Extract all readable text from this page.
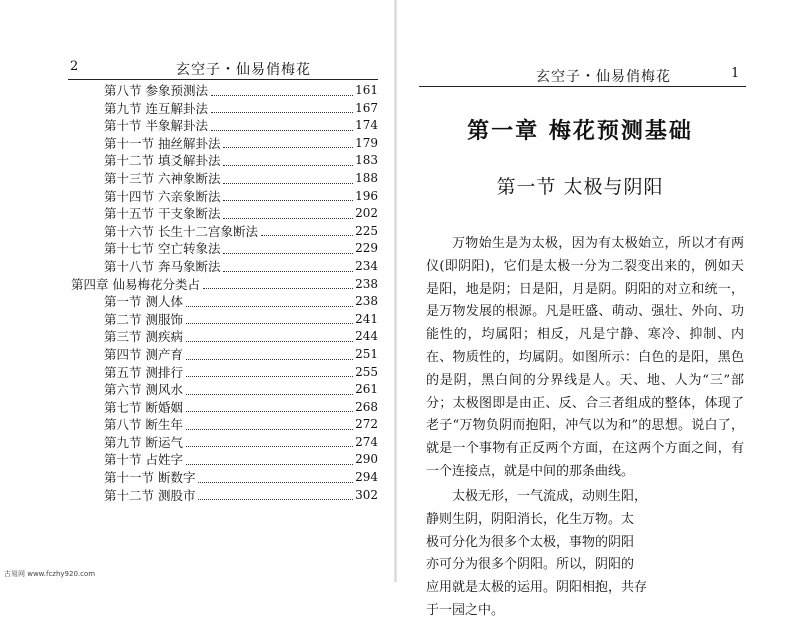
2	玄空子・仙易俏梅花
第八节 参象预测法	161
第九节 连互解卦法	167
第十节 半象解卦法	174
第十一节 抽丝解卦法	179
第十二节 填爻解卦法	183
第十三节 六神象断法	188
第十四节 六亲象断法	196
第十五节 干支象断法	202
第十六节 长生十二宫象断法	225
第十七节 空亡转象法	229
第十八节 奔马象断法	234
第四章 仙易梅花分类占	238
第一节 测人体	238
第二节 测服饰	241
第三节 测疾病	244
第四节 测产育	251
第五节 测排行	255
第六节 测风水	261
第七节 断婚姻	268
第八节 断生年	272
第九节 断运气	274
第十节 占姓字	290
第十一节 断数字	294
第十二节 测股市	302
玄空子・仙易俏梅花	1
第一章 梅花预测基础
第一节 太极与阴阳

万物始生是为太极，因为有太极始立，所以才有两仪(即阴阳)，它们是太极一分为二裂变出来的，例如天是阳，地是阴；日是阳，月是阴。阴阳的对立和统一，是万物发展的根源。凡是旺盛、萌动、强壮、外向、功能性的，均属阳；相反，凡是宁静、寒冷、抑制、内在、物质性的，均属阴。如图所示：白色的是阳，黑色的是阴，黑白间的分界线是人。天、地、人为“三”部分；太极图即是由正、反、合三者组成的整体，体现了老子“万物负阴而抱阳，冲气以为和”的思想。说白了，就是一个事物有正反两个方面，在这两个方面之间，有一个连接点，就是中间的那条曲线。

太极无形，一气流成，动则生阳，
静则生阴，阴阳消长，化生万物。太
极可分化为很多个太极，事物的阴阳
亦可分为很多个阴阳。所以，阴阳的
应用就是太极的运用。阴阳相抱，共存
于一园之中。
古易网 www.fczhy920.com
